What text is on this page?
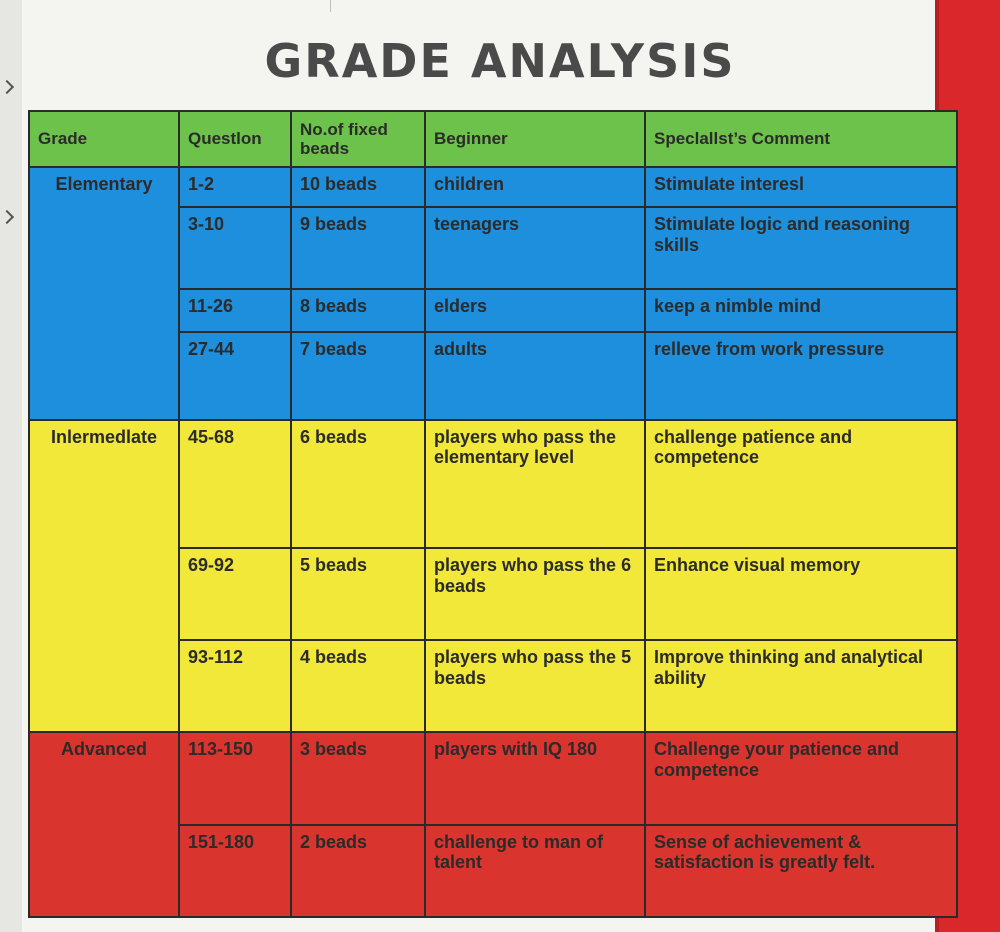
GRADE ANALYSIS
Grade	Questlon	No.of fixed beads	Beginner	Speclallst’s Comment
Elementary	1-2	10 beads	children	Stimulate interesl
	3-10	9 beads	teenagers	Stimulate logic and reasoning skills
	11-26	8 beads	elders	keep a nimble mind
	27-44	7 beads	adults	relleve from work pressure
Inlermedlate	45-68	6 beads	players who pass the elementary level	challenge patience and competence
	69-92	5 beads	players who pass the 6 beads	Enhance visual memory
	93-112	4 beads	players who pass the 5 beads	Improve thinking and analytical ability
Advanced	113-150	3 beads	players with IQ 180	Challenge your patience and competence
	151-180	2 beads	challenge to man of talent	Sense of achievement & satisfaction is greatly felt.
